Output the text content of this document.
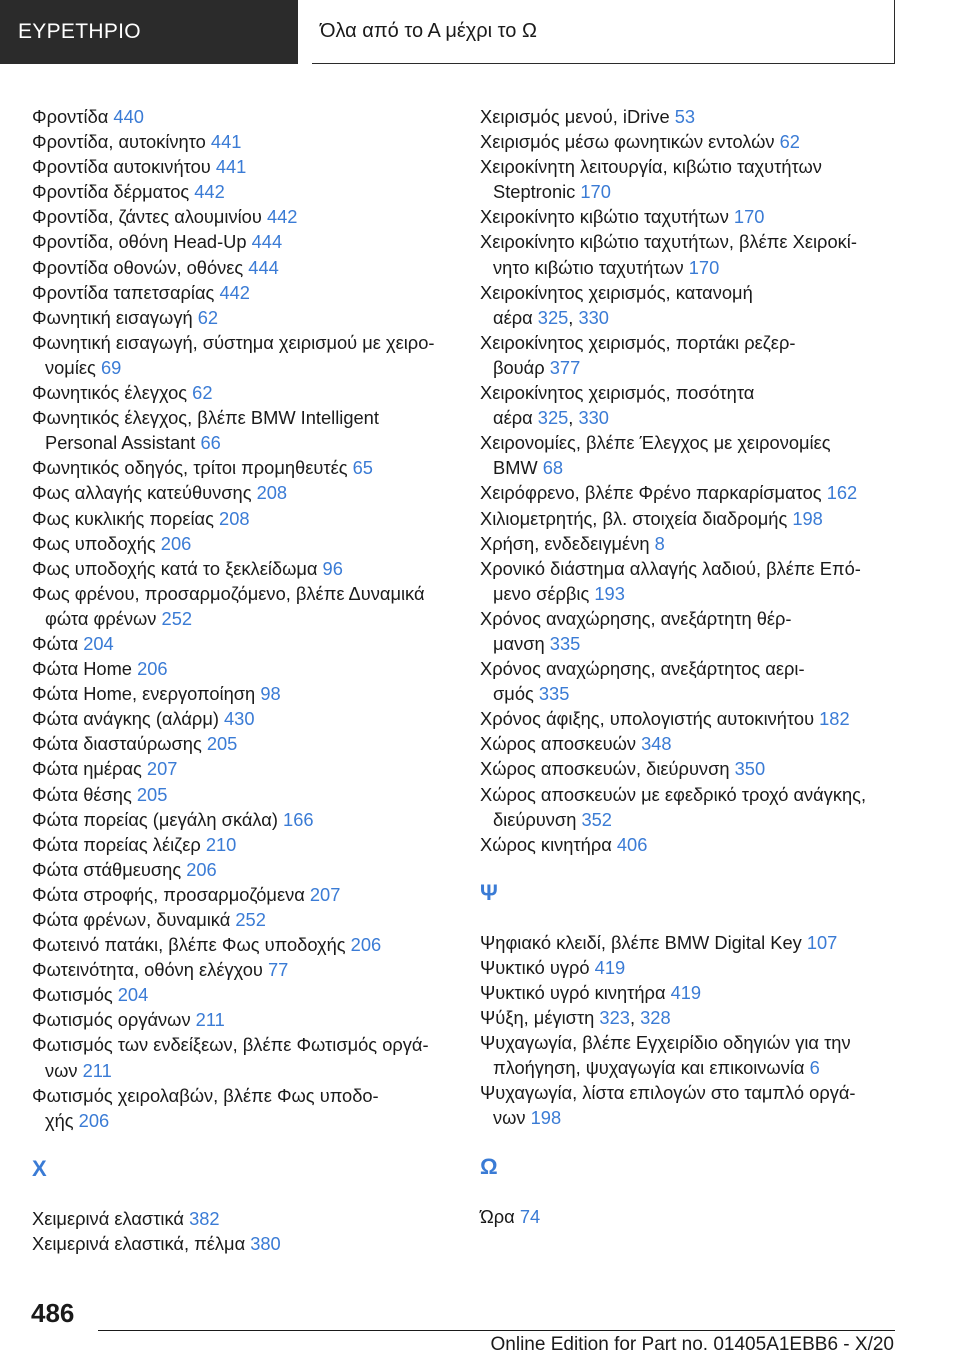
ΕΥΡΕΤΗΡΙΟ	Όλα από το Α μέχρι το Ω
Φροντίδα 440
Φροντίδα, αυτοκίνητο 441
Φροντίδα αυτοκινήτου 441
Φροντίδα δέρματος 442
Φροντίδα, ζάντες αλουμινίου 442
Φροντίδα, οθόνη Head-Up 444
Φροντίδα οθονών, οθόνες 444
Φροντίδα ταπετσαρίας 442
Φωνητική εισαγωγή 62
Φωνητική εισαγωγή, σύστημα χειρισμού με χειρο-
νομίες 69
Φωνητικός έλεγχος 62
Φωνητικός έλεγχος, βλέπε BMW Intelligent
Personal Assistant 66
Φωνητικός οδηγός, τρίτοι προμηθευτές 65
Φως αλλαγής κατεύθυνσης 208
Φως κυκλικής πορείας 208
Φως υποδοχής 206
Φως υποδοχής κατά το ξεκλείδωμα 96
Φως φρένου, προσαρμοζόμενο, βλέπε Δυναμικά
φώτα φρένων 252
Φώτα 204
Φώτα Home 206
Φώτα Home, ενεργοποίηση 98
Φώτα ανάγκης (αλάρμ) 430
Φώτα διασταύρωσης 205
Φώτα ημέρας 207
Φώτα θέσης 205
Φώτα πορείας (μεγάλη σκάλα) 166
Φώτα πορείας λέιζερ 210
Φώτα στάθμευσης 206
Φώτα στροφής, προσαρμοζόμενα 207
Φώτα φρένων, δυναμικά 252
Φωτεινό πατάκι, βλέπε Φως υποδοχής 206
Φωτεινότητα, οθόνη ελέγχου 77
Φωτισμός 204
Φωτισμός οργάνων 211
Φωτισμός των ενδείξεων, βλέπε Φωτισμός οργά-
νων 211
Φωτισμός χειρολαβών, βλέπε Φως υποδο-
χής 206
Χ
Χειμερινά ελαστικά 382
Χειμερινά ελαστικά, πέλμα 380
Χειρισμός μενού, iDrive 53
Χειρισμός μέσω φωνητικών εντολών 62
Χειροκίνητη λειτουργία, κιβώτιο ταχυτήτων
Steptronic 170
Χειροκίνητο κιβώτιο ταχυτήτων 170
Χειροκίνητο κιβώτιο ταχυτήτων, βλέπε Χειροκί-
νητο κιβώτιο ταχυτήτων 170
Χειροκίνητος χειρισμός, κατανομή
αέρα 325, 330
Χειροκίνητος χειρισμός, πορτάκι ρεζερ-
βουάρ 377
Χειροκίνητος χειρισμός, ποσότητα
αέρα 325, 330
Χειρονομίες, βλέπε Έλεγχος με χειρονομίες
BMW 68
Χειρόφρενο, βλέπε Φρένο παρκαρίσματος 162
Χιλιομετρητής, βλ. στοιχεία διαδρομής 198
Χρήση, ενδεδειγμένη 8
Χρονικό διάστημα αλλαγής λαδιού, βλέπε Επό-
μενο σέρβις 193
Χρόνος αναχώρησης, ανεξάρτητη θέρ-
μανση 335
Χρόνος αναχώρησης, ανεξάρτητος αερι-
σμός 335
Χρόνος άφιξης, υπολογιστής αυτοκινήτου 182
Χώρος αποσκευών 348
Χώρος αποσκευών, διεύρυνση 350
Χώρος αποσκευών με εφεδρικό τροχό ανάγκης,
διεύρυνση 352
Χώρος κινητήρα 406
Ψ
Ψηφιακό κλειδί, βλέπε BMW Digital Key 107
Ψυκτικό υγρό 419
Ψυκτικό υγρό κινητήρα 419
Ψύξη, μέγιστη 323, 328
Ψυχαγωγία, βλέπε Εγχειρίδιο οδηγιών για την
πλοήγηση, ψυχαγωγία και επικοινωνία 6
Ψυχαγωγία, λίστα επιλογών στο ταμπλό οργά-
νων 198
Ω
Ώρα 74
486
Online Edition for Part no. 01405A1EBB6 - X/20
